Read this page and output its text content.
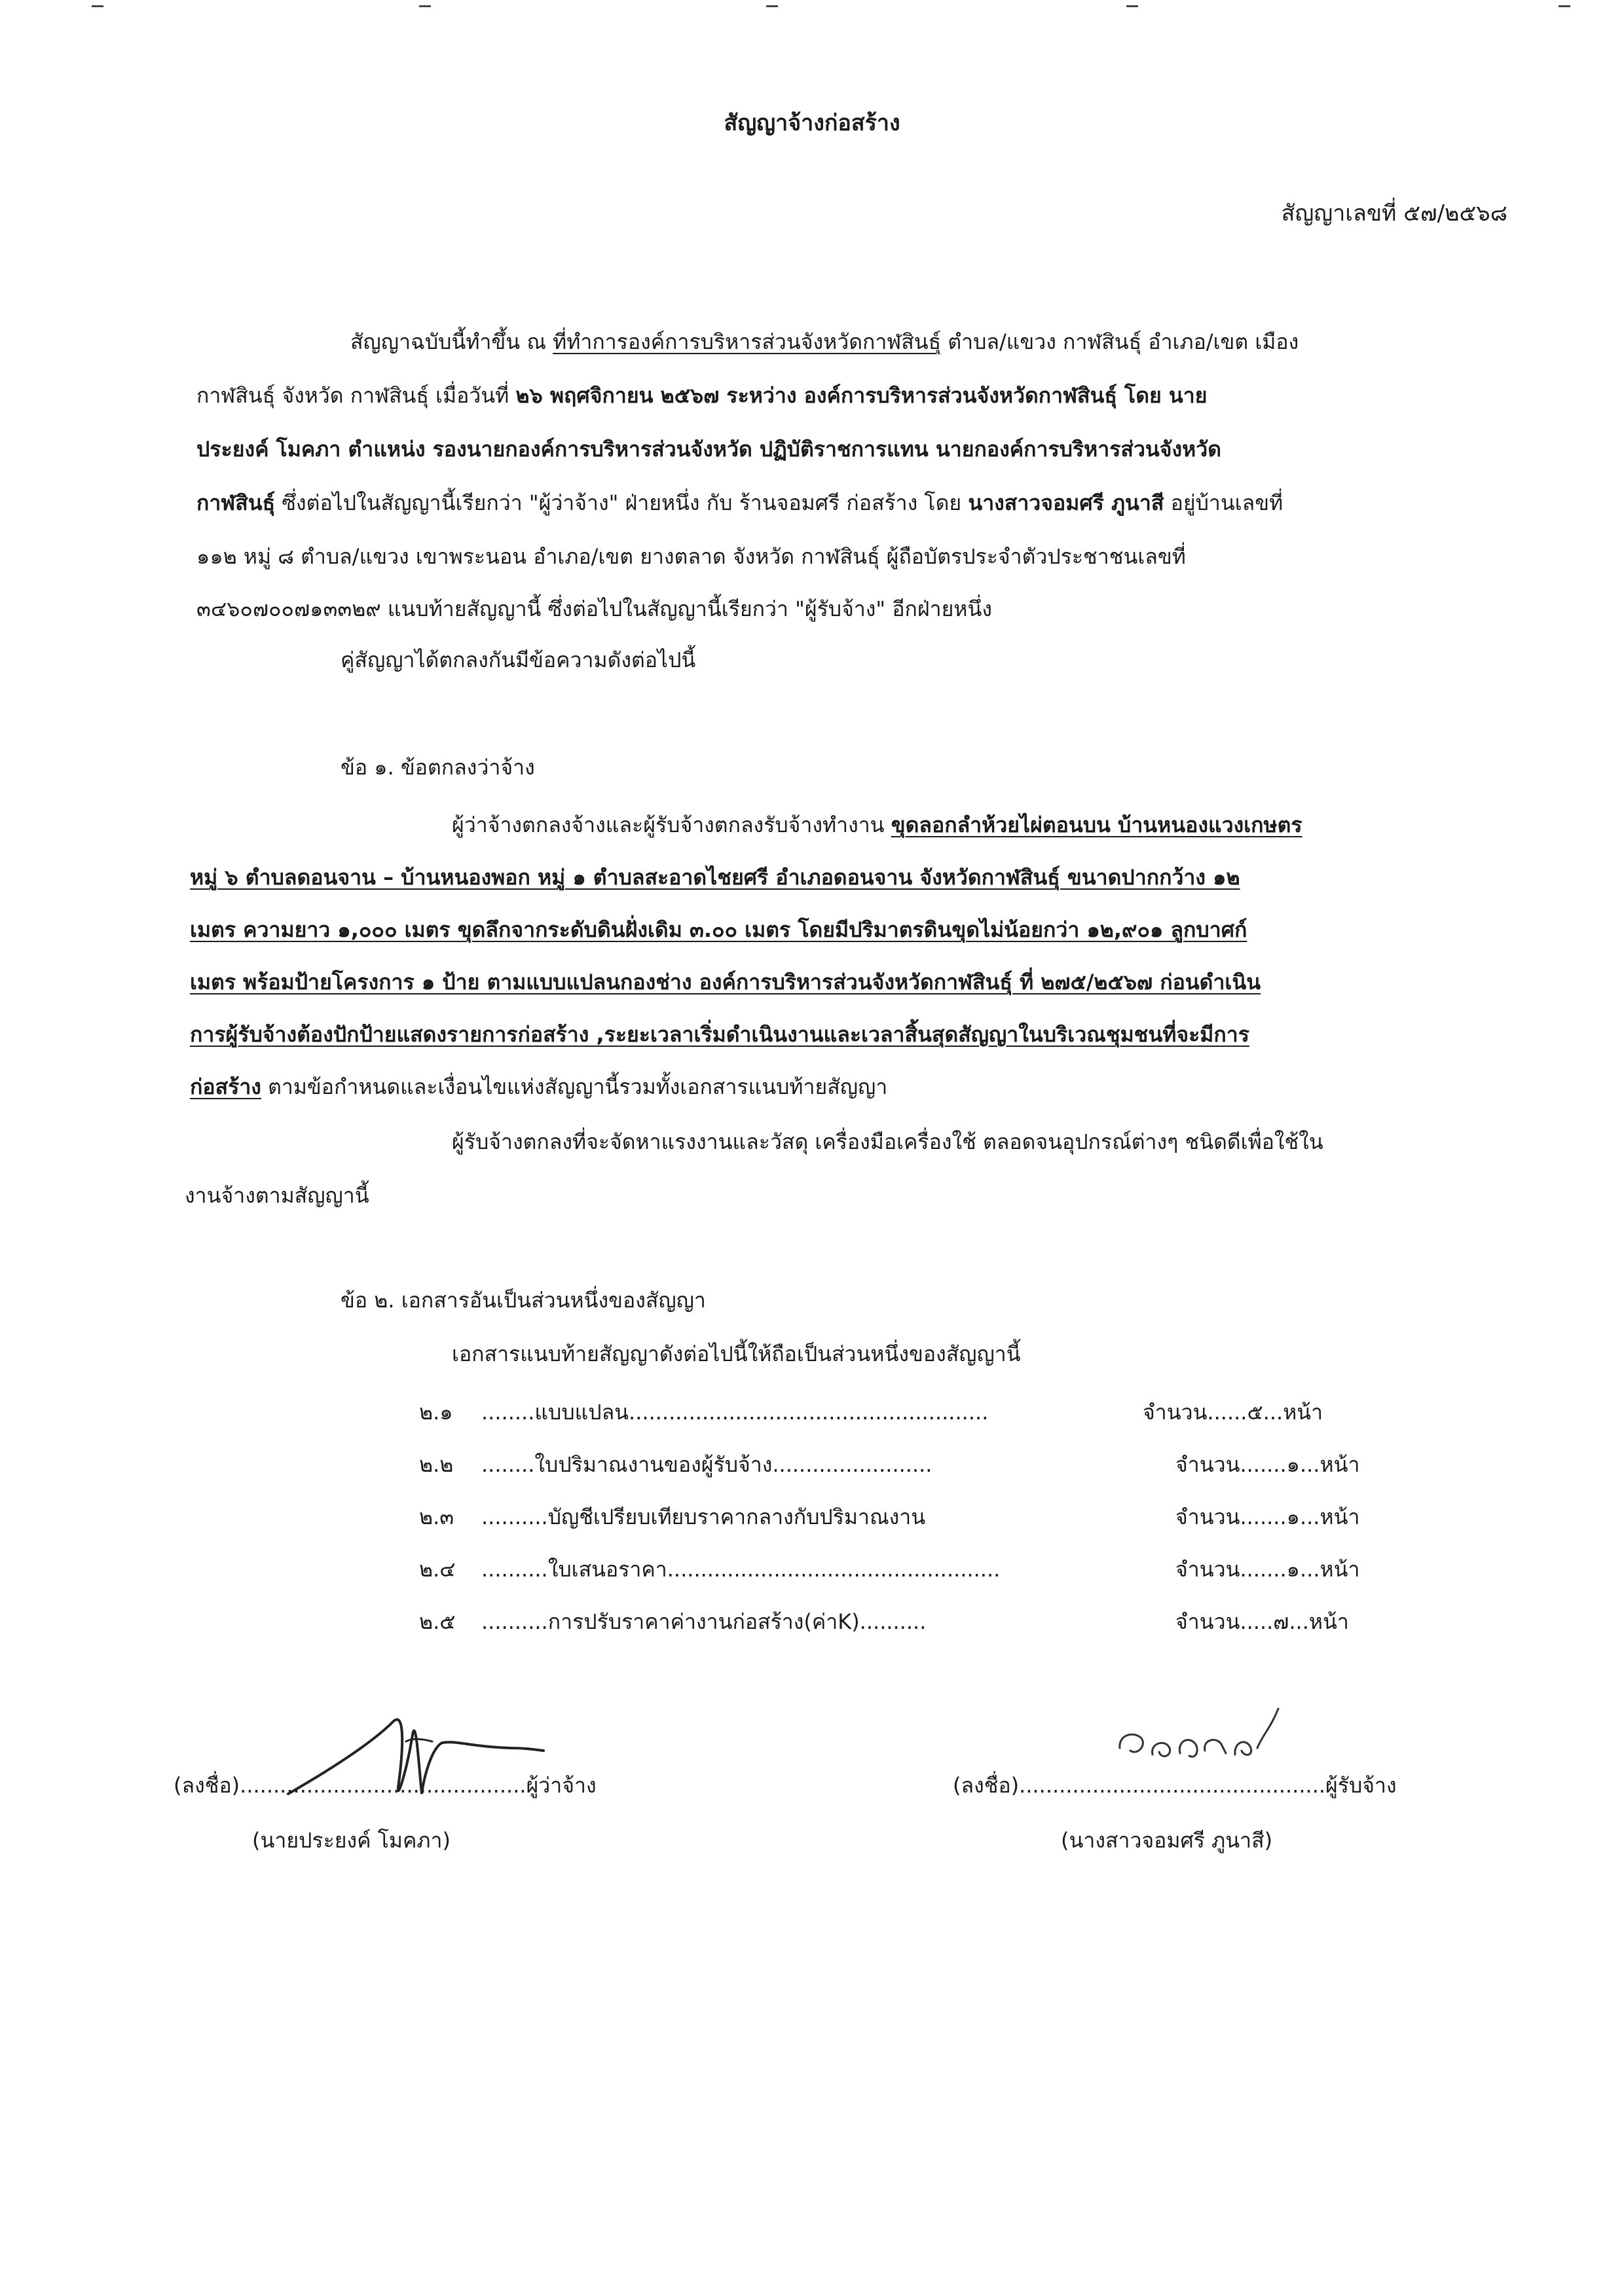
สัญญาจ้างก่อสร้าง
สัญญาเลขที่ ๕๗/๒๕๖๘
สัญญาฉบับนี้ทำขึ้น ณ ที่ทำการองค์การบริหารส่วนจังหวัดกาฬสินธุ์ ตำบล/แขวง กาฬสินธุ์ อำเภอ/เขต เมือง
กาฬสินธุ์ จังหวัด กาฬสินธุ์ เมื่อวันที่ ๒๖ พฤศจิกายน ๒๕๖๗ ระหว่าง องค์การบริหารส่วนจังหวัดกาฬสินธุ์ โดย นาย
ประยงค์ โมคภา ตำแหน่ง รองนายกองค์การบริหารส่วนจังหวัด ปฏิบัติราชการแทน นายกองค์การบริหารส่วนจังหวัด
กาฬสินธุ์ ซึ่งต่อไปในสัญญานี้เรียกว่า "ผู้ว่าจ้าง" ฝ่ายหนึ่ง กับ ร้านจอมศรี ก่อสร้าง โดย นางสาวจอมศรี ภูนาสี อยู่บ้านเลขที่
๑๑๒ หมู่ ๘ ตำบล/แขวง เขาพระนอน อำเภอ/เขต ยางตลาด จังหวัด กาฬสินธุ์ ผู้ถือบัตรประจำตัวประชาชนเลขที่
๓๔๖๐๗๐๐๗๑๓๓๒๙ แนบท้ายสัญญานี้ ซึ่งต่อไปในสัญญานี้เรียกว่า "ผู้รับจ้าง" อีกฝ่ายหนึ่ง
คู่สัญญาได้ตกลงกันมีข้อความดังต่อไปนี้
ข้อ ๑. ข้อตกลงว่าจ้าง
ผู้ว่าจ้างตกลงจ้างและผู้รับจ้างตกลงรับจ้างทำงาน ขุดลอกลำห้วยไผ่ตอนบน บ้านหนองแวงเกษตร
หมู่ ๖ ตำบลดอนจาน – บ้านหนองพอก หมู่ ๑ ตำบลสะอาดไชยศรี อำเภอดอนจาน จังหวัดกาฬสินธุ์ ขนาดปากกว้าง ๑๒
เมตร ความยาว ๑,๐๐๐ เมตร ขุดลึกจากระดับดินฝั่งเดิม ๓.๐๐ เมตร โดยมีปริมาตรดินขุดไม่น้อยกว่า ๑๒,๙๐๑ ลูกบาศก์
เมตร พร้อมป้ายโครงการ ๑ ป้าย ตามแบบแปลนกองช่าง องค์การบริหารส่วนจังหวัดกาฬสินธุ์ ที่ ๒๗๕/๒๕๖๗ ก่อนดำเนิน
การผู้รับจ้างต้องปักป้ายแสดงรายการก่อสร้าง ,ระยะเวลาเริ่มดำเนินงานและเวลาสิ้นสุดสัญญาในบริเวณชุมชนที่จะมีการ
ก่อสร้าง ตามข้อกำหนดและเงื่อนไขแห่งสัญญานี้รวมทั้งเอกสารแนบท้ายสัญญา
ผู้รับจ้างตกลงที่จะจัดหาแรงงานและวัสดุ เครื่องมือเครื่องใช้ ตลอดจนอุปกรณ์ต่างๆ ชนิดดีเพื่อใช้ใน
งานจ้างตามสัญญานี้
ข้อ ๒. เอกสารอันเป็นส่วนหนึ่งของสัญญา
เอกสารแนบท้ายสัญญาดังต่อไปนี้ให้ถือเป็นส่วนหนึ่งของสัญญานี้
๒.๑ ........แบบแปลน......................................................	จำนวน......๕...หน้า
๒.๒ ........ใบปริมาณงานของผู้รับจ้าง........................	จำนวน.......๑...หน้า
๒.๓ ..........บัญชีเปรียบเทียบราคากลางกับปริมาณงาน	จำนวน.......๑...หน้า
๒.๔ ..........ใบเสนอราคา..................................................	จำนวน.......๑...หน้า
๒.๕ ..........การปรับราคาค่างานก่อสร้าง(ค่าK)..........	จำนวน.....๗...หน้า
(ลงชื่อ)...........................................ผู้ว่าจ้าง
(นายประยงค์ โมคภา)
(ลงชื่อ)..............................................ผู้รับจ้าง
(นางสาวจอมศรี ภูนาสี)
